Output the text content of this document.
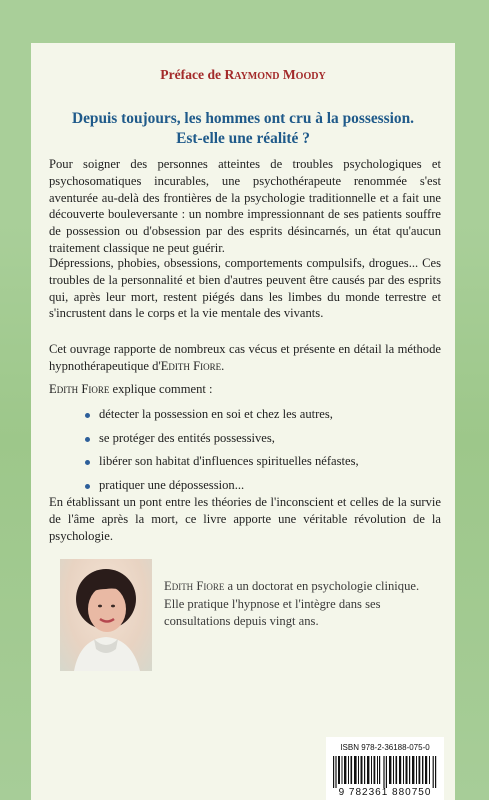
Préface de Raymond Moody
Depuis toujours, les hommes ont cru à la possession.
Est-elle une réalité ?

Pour soigner des personnes atteintes de troubles psychologiques et psychosomatiques incurables, une psychothérapeute renommée s'est aventurée au-delà des frontières de la psychologie traditionnelle et a fait une découverte bouleversante : un nombre impressionnant de ses patients souffre de possession ou d'obsession par des esprits désincarnés, un état qu'aucun traitement classique ne peut guérir.

Dépressions, phobies, obsessions, comportements compulsifs, drogues... Ces troubles de la personnalité et bien d'autres peuvent être causés par des esprits qui, après leur mort, restent piégés dans les limbes du monde terrestre et s'incrustent dans le corps et la vie mentale des vivants.

Cet ouvrage rapporte de nombreux cas vécus et présente en détail la méthode hypnothérapeutique d'Edith Fiore.

Edith Fiore explique comment :

détecter la possession en soi et chez les autres,
se protéger des entités possessives,
libérer son habitat d'influences spirituelles néfastes,
pratiquer une dépossession...

En établissant un pont entre les théories de l'inconscient et celles de la survie de l'âme après la mort, ce livre apporte une véritable révolution de la psychologie.

Edith Fiore a un doctorat en psychologie clinique. Elle pratique l'hypnose et l'intègre dans ses consultations depuis vingt ans.
ISBN 978-2-36188-075-0
9 782361 880750
